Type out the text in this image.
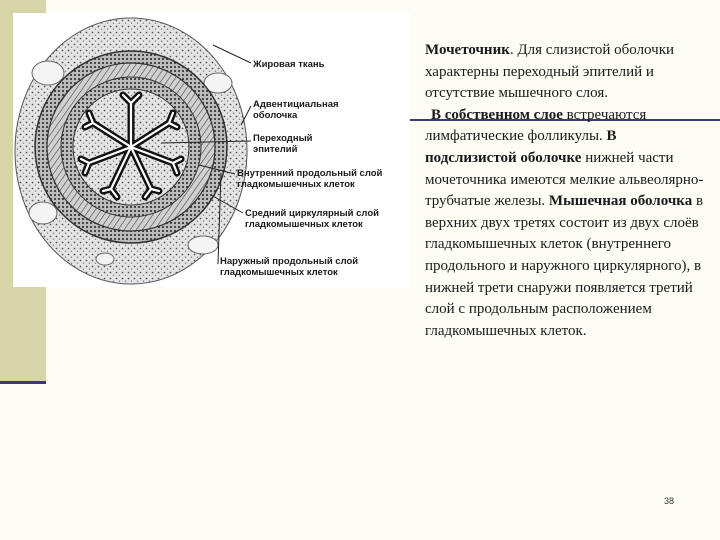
Жировая ткань
Адвентициальная
оболочка
Переходный
эпителий
Внутренний продольный слой
гладкомышечных клеток
Средний циркулярный слой
гладкомышечных клеток
Наружный продольный слой
гладкомышечных клеток

Мочеточник. Для слизистой оболочки характерны переходный эпителий и отсутствие мышечного слоя.

В собственном слое встречаются лимфатические фолликулы. В подслизистой оболочке нижней части мочеточника имеются мелкие альвеолярно-трубчатые железы. Мышечная оболочка в верхних двух третях состоит из двух слоёв гладкомышечных клеток (внутреннего продольного и наружного циркулярного), в нижней трети снаружи появляется третий слой с продольным расположением гладкомышечных клеток.

38
